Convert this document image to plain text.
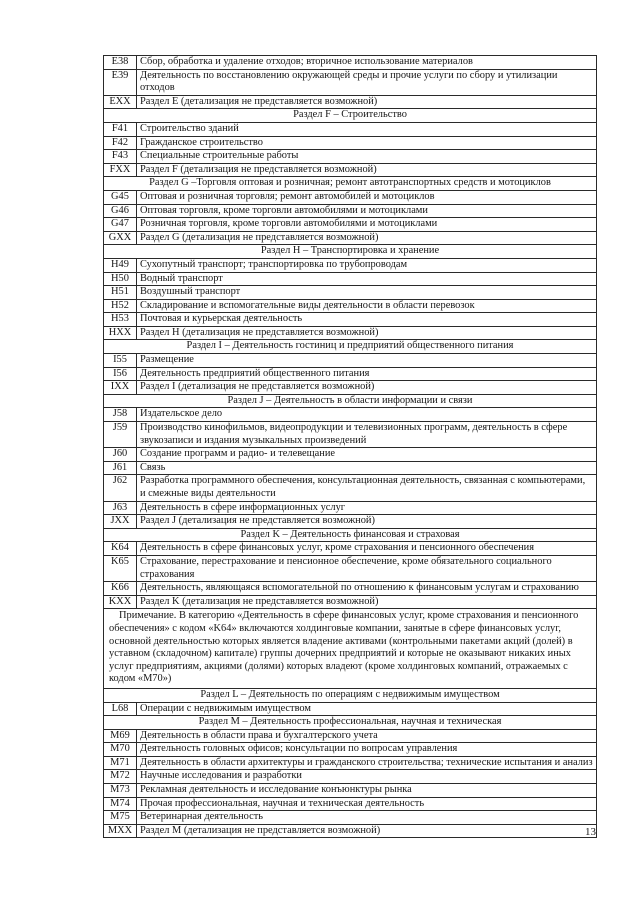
E38	Сбор, обработка и удаление отходов; вторичное использование материалов
E39	Деятельность по восстановлению окружающей среды и прочие услуги по сбору и утилизации отходов
EXX	Раздел E (детализация не представляется возможной)
Раздел F – Строительство	
F41	Строительство зданий
F42	Гражданское строительство
F43	Специальные строительные работы
FXX	Раздел F (детализация не представляется возможной)
Раздел G –Торговля оптовая и розничная; ремонт автотранспортных средств и мотоциклов	
G45	Оптовая и розничная торговля; ремонт автомобилей и мотоциклов
G46	Оптовая торговля, кроме торговли автомобилями и мотоциклами
G47	Розничная торговля, кроме торговли автомобилями и мотоциклами
GXX	Раздел G (детализация не представляется возможной)
Раздел H – Транспортировка и хранение	
H49	Сухопутный транспорт; транспортировка по трубопроводам
H50	Водный транспорт
H51	Воздушный транспорт
H52	Складирование и вспомогательные виды деятельности в области перевозок
H53	Почтовая и курьерская деятельность
HXX	Раздел H (детализация не представляется возможной)
Раздел I – Деятельность гостиниц и предприятий общественного питания	
I55	Размещение
I56	Деятельность предприятий общественного питания
IXX	Раздел I (детализация не представляется возможной)
Раздел J – Деятельность в области информации и связи	
J58	Издательское дело
J59	Производство кинофильмов, видеопродукции и телевизионных программ, деятельность в сфере звукозаписи и издания музыкальных произведений
J60	Создание программ и радио- и телевещание
J61	Связь
J62	Разработка программного обеспечения, консультационная деятельность, связанная с компьютерами, и смежные виды деятельности
J63	Деятельность в сфере информационных услуг
JXX	Раздел J (детализация не представляется возможной)
Раздел K – Деятельность финансовая и страховая	
K64	Деятельность в сфере финансовых услуг, кроме страхования и пенсионного обеспечения
K65	Страхование, перестрахование и пенсионное обеспечение, кроме обязательного социального страхования
K66	Деятельность, являющаяся вспомогательной по отношению к финансовым услугам и страхованию
KXX	Раздел K (детализация не представляется возможной)
Примечание. В категорию «Деятельность в сфере финансовых услуг, кроме страхования и пенсионного обеспечения» с кодом «K64» включаются холдинговые компании, занятые в сфере финансовых услуг, основной деятельностью которых является владение активами (контрольными пакетами акций (долей) в уставном (складочном) капитале) группы дочерних предприятий и которые не оказывают никаких иных услуг предприятиям, акциями (долями) которых владеют (кроме холдинговых компаний, отражаемых с кодом «M70»)	
Раздел L – Деятельность по операциям с недвижимым имуществом	
L68	Операции с недвижимым имуществом
Раздел M – Деятельность профессиональная, научная и техническая	
M69	Деятельность в области права и бухгалтерского учета
M70	Деятельность головных офисов; консультации по вопросам управления
M71	Деятельность в области архитектуры и гражданского строительства; технические испытания и анализ
M72	Научные исследования и разработки
M73	Рекламная деятельность и исследование конъюнктуры рынка
M74	Прочая профессиональная, научная и техническая деятельность
M75	Ветеринарная деятельность
MXX	Раздел M (детализация не представляется возможной)	13
